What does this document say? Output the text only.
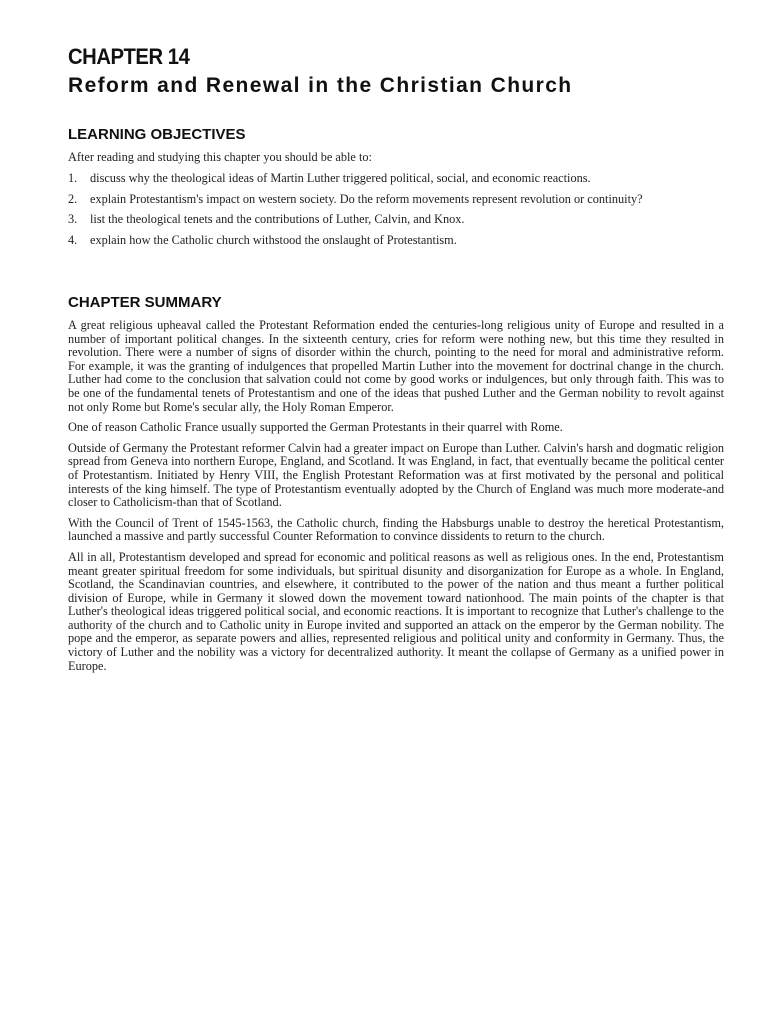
CHAPTER 14
Reform and Renewal in the Christian Church
LEARNING OBJECTIVES
After reading and studying this chapter you should be able to:
1. discuss why the theological ideas of Martin Luther triggered political, social, and economic reactions.
2. explain Protestantism's impact on western society. Do the reform movements represent revolution or continuity?
3. list the theological tenets and the contributions of Luther, Calvin, and Knox.
4. explain how the Catholic church withstood the onslaught of Protestantism.
CHAPTER SUMMARY

A great religious upheaval called the Protestant Reformation ended the centuries-long religious unity of Europe and resulted in a number of important political changes. In the sixteenth century, cries for reform were nothing new, but this time they resulted in revolution. There were a number of signs of disorder within the church, pointing to the need for moral and administrative reform. For example, it was the granting of indulgences that propelled Martin Luther into the movement for doctrinal change in the church. Luther had come to the conclusion that salvation could not come by good works or indulgences, but only through faith. This was to be one of the fundamental tenets of Protestantism and one of the ideas that pushed Luther and the German nobility to revolt against not only Rome but Rome's secular ally, the Holy Roman Emperor.

One of reason Catholic France usually supported the German Protestants in their quarrel with Rome.

Outside of Germany the Protestant reformer Calvin had a greater impact on Europe than Luther. Calvin's harsh and dogmatic religion spread from Geneva into northern Europe, England, and Scotland. It was England, in fact, that eventually became the political center of Protestantism. Initiated by Henry VIII, the English Protestant Reformation was at first motivated by the personal and political interests of the king himself. The type of Protestantism eventually adopted by the Church of England was much more moderate-and closer to Catholicism-than that of Scotland.

With the Council of Trent of 1545-1563, the Catholic church, finding the Habsburgs unable to destroy the heretical Protestantism, launched a massive and partly successful Counter Reformation to convince dissidents to return to the church.

All in all, Protestantism developed and spread for economic and political reasons as well as religious ones. In the end, Protestantism meant greater spiritual freedom for some individuals, but spiritual disunity and disorganization for Europe as a whole. In England, Scotland, the Scandinavian countries, and elsewhere, it contributed to the power of the nation and thus meant a further political division of Europe, while in Germany it slowed down the movement toward nationhood. The main points of the chapter is that Luther's theological ideas triggered political social, and economic reactions. It is important to recognize that Luther's challenge to the authority of the church and to Catholic unity in Europe invited and supported an attack on the emperor by the German nobility. The pope and the emperor, as separate powers and allies, represented religious and political unity and conformity in Germany. Thus, the victory of Luther and the nobility was a victory for decentralized authority. It meant the collapse of Germany as a unified power in Europe.
